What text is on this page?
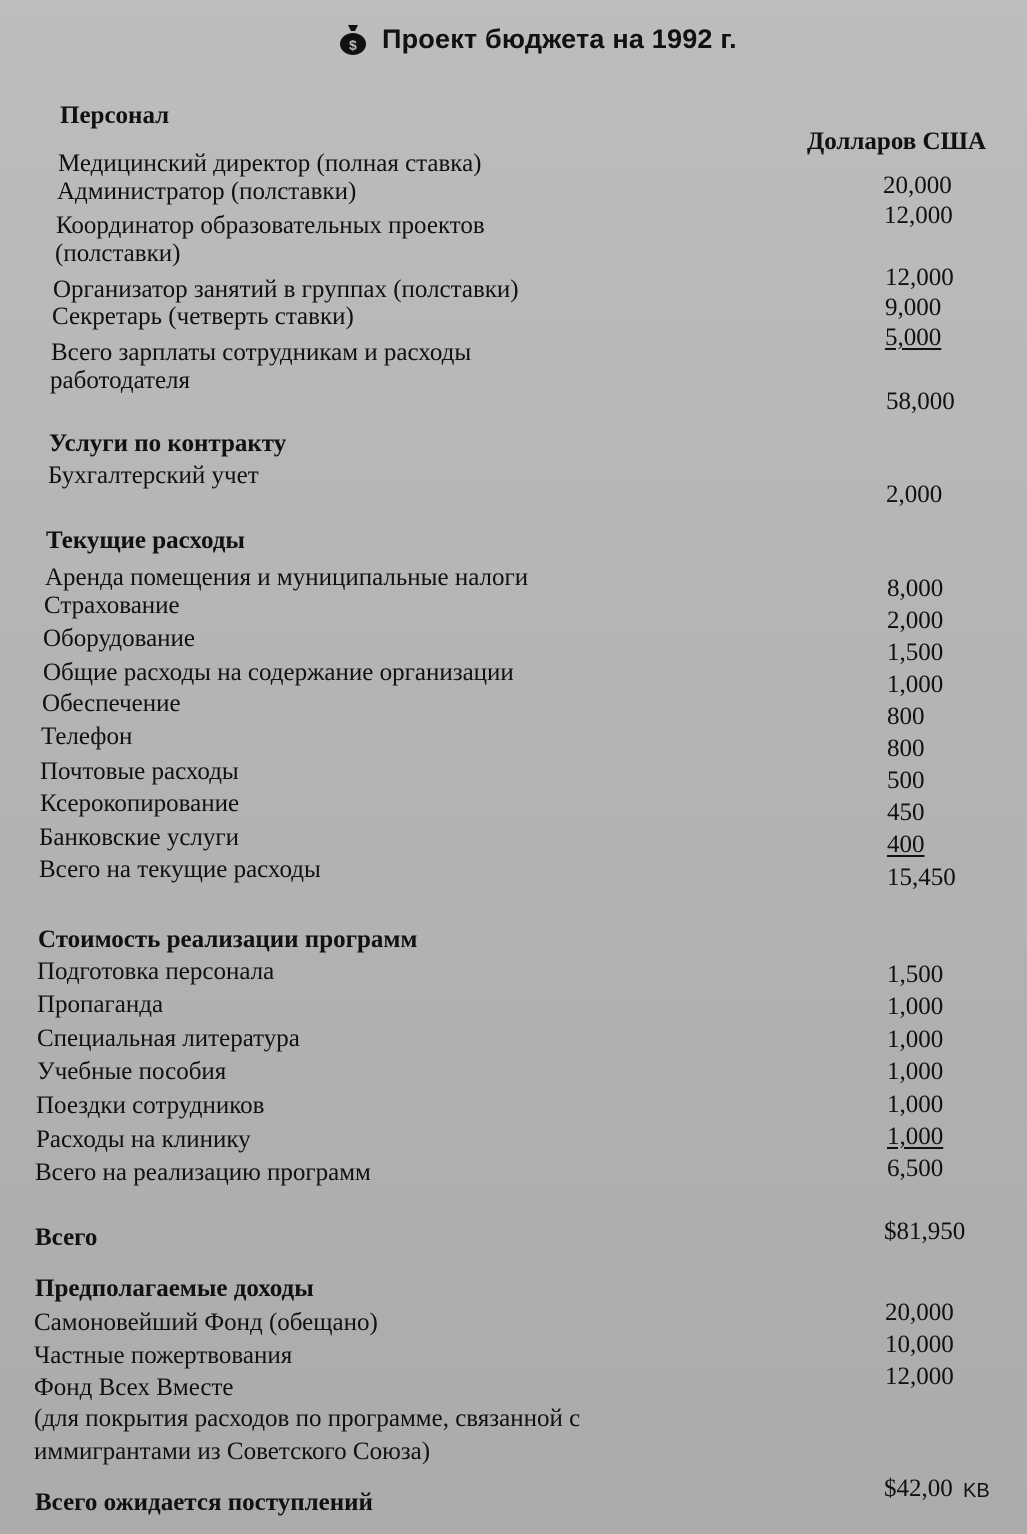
$ Проект бюджета на 1992 г.
Персонал
Долларов США
Медицинский директор (полная ставка)
Администратор (полставки)
Координатор образовательных проектов
(полставки)
Организатор занятий в группах (полставки)
Секретарь (четверть ставки)
Всего зарплаты сотрудникам и расходы
работодателя
20,000
12,000
12,000
9,000
5,000
58,000
Услуги по контракту
Бухгалтерский учет
2,000
Текущие расходы
Аренда помещения и муниципальные налоги
Страхование
Оборудование
Общие расходы на содержание организации
Обеспечение
Телефон
Почтовые расходы
Ксерокопирование
Банковские услуги
Всего на текущие расходы
8,000
2,000
1,500
1,000
800
800
500
450
400
15,450
Стоимость реализации программ
Подготовка персонала
Пропаганда
Специальная литература
Учебные пособия
Поездки сотрудников
Расходы на клинику
Всего на реализацию программ
1,500
1,000
1,000
1,000
1,000
1,000
6,500
Всего	$81,950
Предполагаемые доходы
Самоновейший Фонд (обещано)
Частные пожертвования
Фонд Всех Вместе
(для покрытия расходов по программе, связанной с
иммигрантами из Советского Союза)
20,000
10,000
12,000
Всего ожидается поступлений
$42,00 KB
